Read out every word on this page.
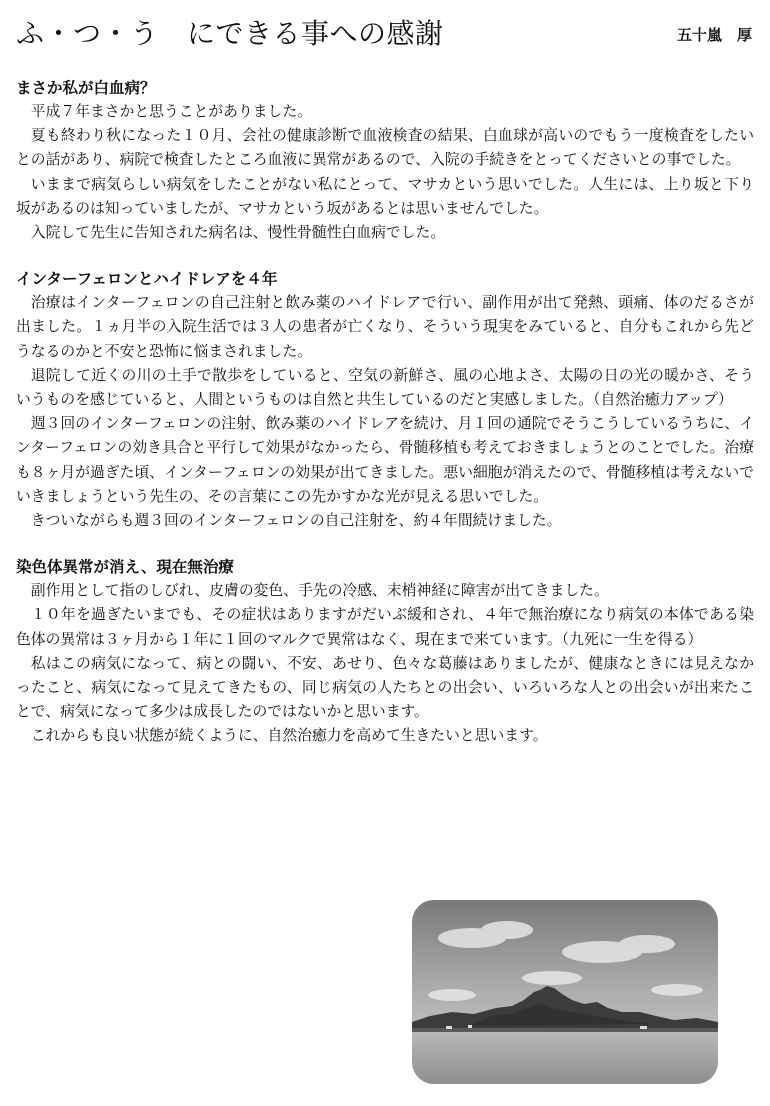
ふ・つ・う　にできる事への感謝	五十嵐　厚
まさか私が白血病？

平成７年まさかと思うことがありました。

夏も終わり秋になった１０月、会社の健康診断で血液検査の結果、白血球が高いのでもう一度検査をしたいとの話があり、病院で検査したところ血液に異常があるので、入院の手続きをとってくださいとの事でした。

いままで病気らしい病気をしたことがない私にとって、マサカという思いでした。人生には、上り坂と下り坂があるのは知っていましたが、マサカという坂があるとは思いませんでした。

入院して先生に告知された病名は、慢性骨髄性白血病でした。

インターフェロンとハイドレアを４年

治療はインターフェロンの自己注射と飲み薬のハイドレアで行い、副作用が出て発熱、頭痛、体のだるさが出ました。１ヵ月半の入院生活では３人の患者が亡くなり、そういう現実をみていると、自分もこれから先どうなるのかと不安と恐怖に悩まされました。

退院して近くの川の土手で散歩をしていると、空気の新鮮さ、風の心地よさ、太陽の日の光の暖かさ、そういうものを感じていると、人間というものは自然と共生しているのだと実感しました。（自然治癒力アップ）

週３回のインターフェロンの注射、飲み薬のハイドレアを続け、月１回の通院でそうこうしているうちに、インターフェロンの効き具合と平行して効果がなかったら、骨髄移植も考えておきましょうとのことでした。治療も８ヶ月が過ぎた頃、インターフェロンの効果が出てきました。悪い細胞が消えたので、骨髄移植は考えないでいきましょうという先生の、その言葉にこの先かすかな光が見える思いでした。

きついながらも週３回のインターフェロンの自己注射を、約４年間続けました。

染色体異常が消え、現在無治療

副作用として指のしびれ、皮膚の変色、手先の冷感、末梢神経に障害が出てきました。

１０年を過ぎたいまでも、その症状はありますがだいぶ緩和され、４年で無治療になり病気の本体である染色体の異常は３ヶ月から１年に１回のマルクで異常はなく、現在まで来ています。（九死に一生を得る）

私はこの病気になって、病との闘い、不安、あせり、色々な葛藤はありましたが、健康なときには見えなかったこと、病気になって見えてきたもの、同じ病気の人たちとの出会い、いろいろな人との出会いが出来たことで、病気になって多少は成長したのではないかと思います。

これからも良い状態が続くように、自然治癒力を高めて生きたいと思います。
